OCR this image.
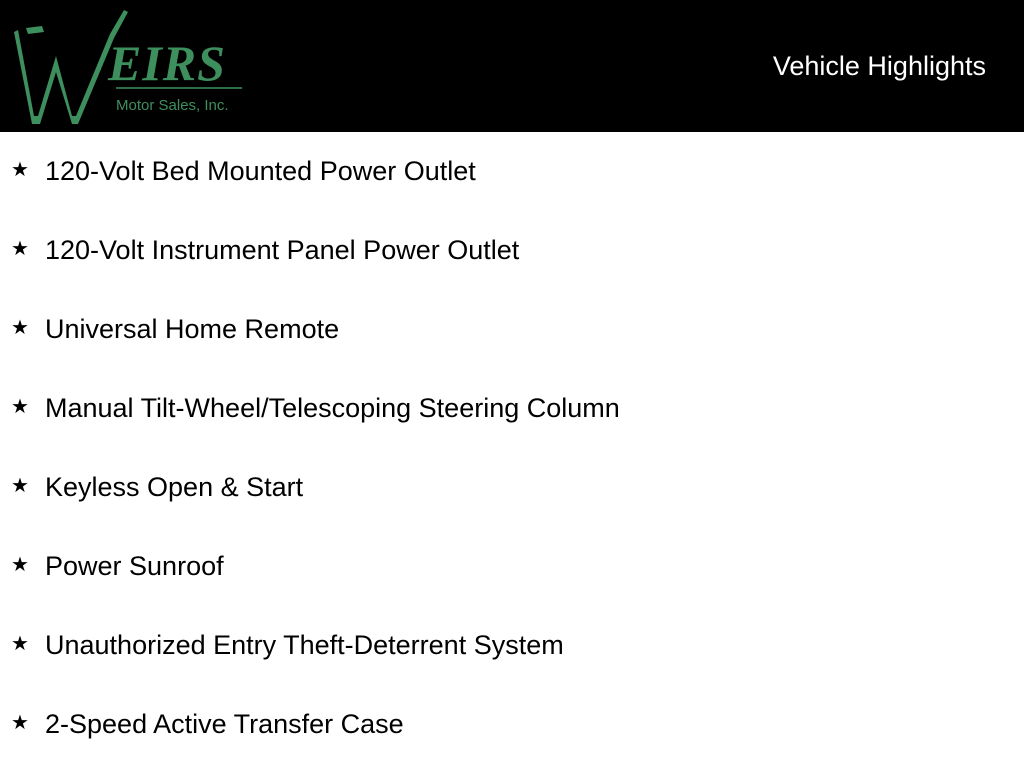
EIRS
Motor Sales, Inc.
Vehicle Highlights
★ 120-Volt Bed Mounted Power Outlet
★ 120-Volt Instrument Panel Power Outlet
★ Universal Home Remote
★ Manual Tilt-Wheel/Telescoping Steering Column
★ Keyless Open & Start
★ Power Sunroof
★ Unauthorized Entry Theft-Deterrent System
★ 2-Speed Active Transfer Case
